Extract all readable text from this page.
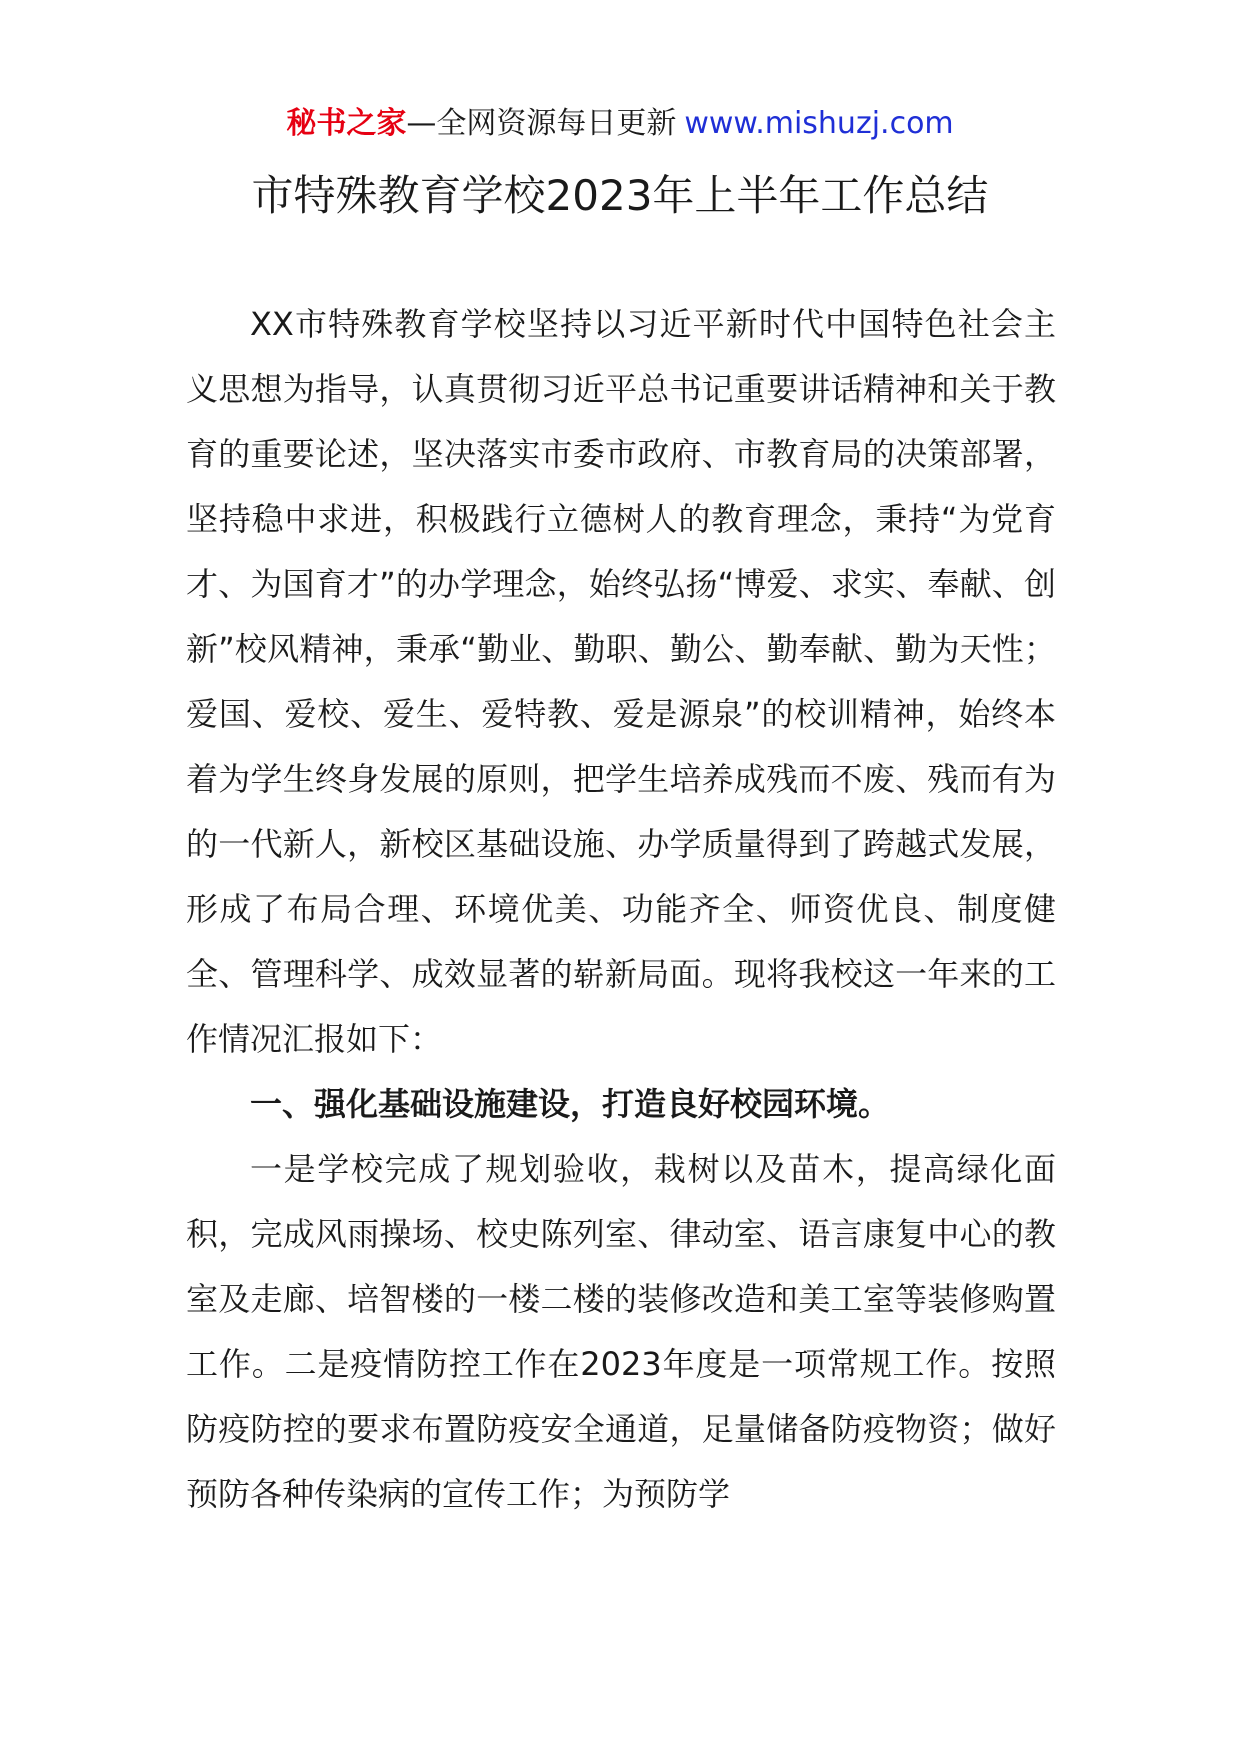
秘书之家—全网资源每日更新 www.mishuzj.com
市特殊教育学校2023年上半年工作总结

XX市特殊教育学校坚持以习近平新时代中国特色社会主义思想为指导，认真贯彻习近平总书记重要讲话精神和关于教育的重要论述，坚决落实市委市政府、市教育局的决策部署，坚持稳中求进，积极践行立德树人的教育理念，秉持“为党育才、为国育才”的办学理念，始终弘扬“博爱、求实、奉献、创新”校风精神，秉承“勤业、勤职、勤公、勤奉献、勤为天性；爱国、爱校、爱生、爱特教、爱是源泉”的校训精神，始终本着为学生终身发展的原则，把学生培养成残而不废、残而有为的一代新人，新校区基础设施、办学质量得到了跨越式发展，形成了布局合理、环境优美、功能齐全、师资优良、制度健全、管理科学、成效显著的崭新局面。现将我校这一年来的工作情况汇报如下：

一、强化基础设施建设，打造良好校园环境。

一是学校完成了规划验收，栽树以及苗木，提高绿化面积，完成风雨操场、校史陈列室、律动室、语言康复中心的教室及走廊、培智楼的一楼二楼的装修改造和美工室等装修购置工作。二是疫情防控工作在2023年度是一项常规工作。按照防疫防控的要求布置防疫安全通道，足量储备防疫物资；做好预防各种传染病的宣传工作；为预防学
